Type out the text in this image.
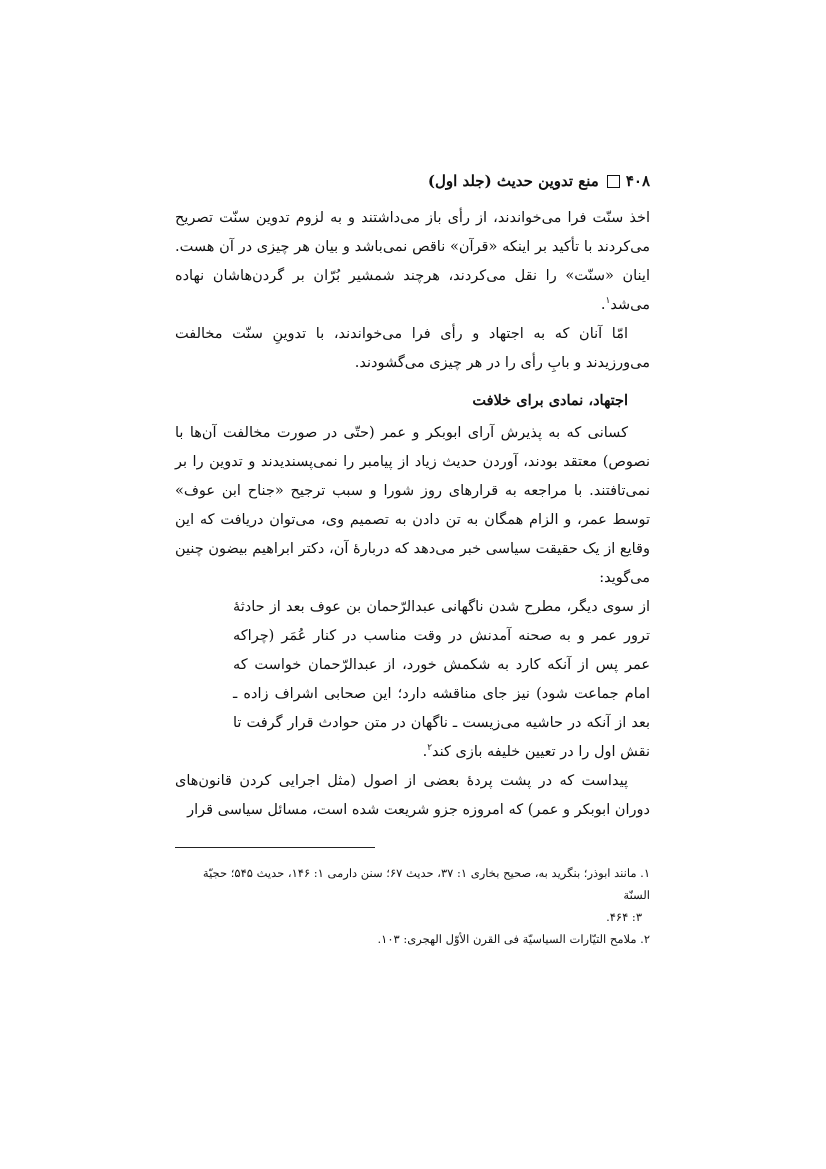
۴۰۸
منع تدوین حدیث (جلد اول)

اخذ سنّت فرا می‌خواندند، از رأی باز می‌داشتند و به لزوم تدوین سنّت تصریح می‌کردند با تأکید بر اینکه «قرآن» ناقص نمی‌باشد و بیان هر چیزی در آن هست. اینان «سنّت» را نقل می‌کردند، هرچند شمشیر بُرّان بر گردن‌هاشان نهاده می‌شد$^۱$.

امّا آنان که به اجتهاد و رأی فرا می‌خواندند، با تدوینِ سنّت مخالفت می‌ورزیدند و بابِ رأی را در هر چیزی می‌گشودند.

اجتهاد، نمادی برای خلافت

کسانی که به پذیرش آرای ابوبکر و عمر (حتّی در صورت مخالفت آن‌ها با نصوص) معتقد بودند، آوردن حدیث زیاد از پیامبر را نمی‌پسندیدند و تدوین را بر نمی‌تافتند. با مراجعه به قرارهای روز شورا و سبب ترجیح «جناح ابن عوف» توسط عمر، و الزام همگان به تن دادن به تصمیم وی، می‌توان دریافت که این وقایع از یک حقیقت سیاسی خبر می‌دهد که دربارهٔ آن، دکتر ابراهیم بیضون چنین می‌گوید:

از سوی دیگر، مطرح شدن ناگهانی عبدالرّحمان بن عوف بعد از حادثهٔ ترور عمر و به صحنه آمدنش در وقت مناسب در کنار عُمَر (چراکه عمر پس از آنکه کارد به شکمش خورد، از عبدالرّحمان خواست که امام جماعت شود) نیز جای مناقشه دارد؛ این صحابی اشراف زاده ـ بعد از آنکه در حاشیه می‌زیست ـ ناگهان در متن حوادث قرار گرفت تا نقش اول را در تعیین خلیفه بازی کند$^۲$.

پیداست که در پشت پردهٔ بعضی از اصول (مثل اجرایی کردن قانون‌های دوران ابوبکر و عمر) که امروزه جزو شریعت شده است، مسائل سیاسی قرار

۱. مانند ابوذر؛ بنگرید به، صحیح بخاری ۱: ۳۷، حدیث ۶۷؛ سنن دارمی ۱: ۱۴۶، حدیث ۵۴۵؛ حجیّة السنّة
۳: ۴۶۴.

۲. ملامح التیّارات السیاسیّة فی القرن الأوّل الهجری: ۱۰۳.
